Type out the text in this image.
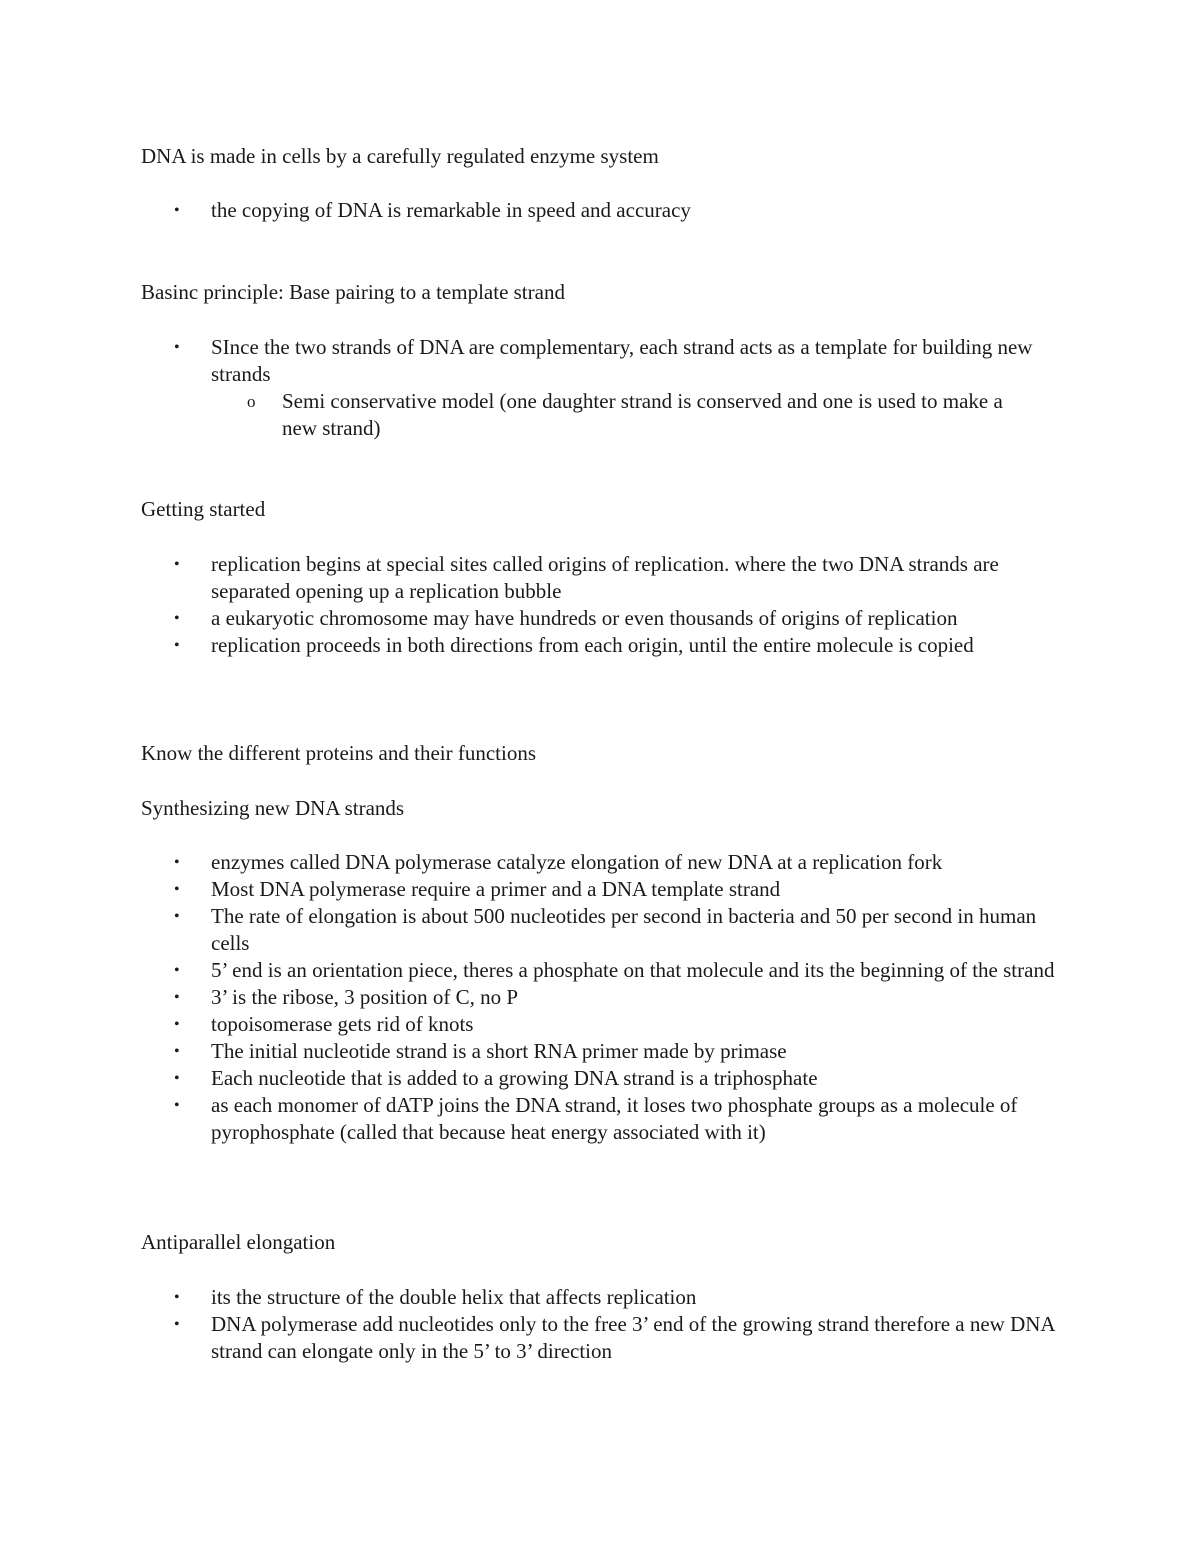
DNA is made in cells by a carefully regulated enzyme system

• the copying of DNA is remarkable in speed and accuracy

Basinc principle: Base pairing to a template strand

• SInce the two strands of DNA are complementary, each strand acts as a template for building new strands
o Semi conservative model (one daughter strand is conserved and one is used to make a new strand)

Getting started

• replication begins at special sites called origins of replication. where the two DNA strands are separated opening up a replication bubble
• a eukaryotic chromosome may have hundreds or even thousands of origins of replication
• replication proceeds in both directions from each origin, until the entire molecule is copied

Know the different proteins and their functions

Synthesizing new DNA strands

• enzymes called DNA polymerase catalyze elongation of new DNA at a replication fork
• Most DNA polymerase require a primer and a DNA template strand
• The rate of elongation is about 500 nucleotides per second in bacteria and 50 per second in human cells
• 5’ end is an orientation piece, theres a phosphate on that molecule and its the beginning of the strand
• 3’ is the ribose, 3 position of C, no P
• topoisomerase gets rid of knots
• The initial nucleotide strand is a short RNA primer made by primase
• Each nucleotide that is added to a growing DNA strand is a triphosphate
• as each monomer of dATP joins the DNA strand, it loses two phosphate groups as a molecule of pyrophosphate (called that because heat energy associated with it)

Antiparallel elongation

• its the structure of the double helix that affects replication
• DNA polymerase add nucleotides only to the free 3’ end of the growing strand therefore a new DNA strand can elongate only in the 5’ to 3’ direction
